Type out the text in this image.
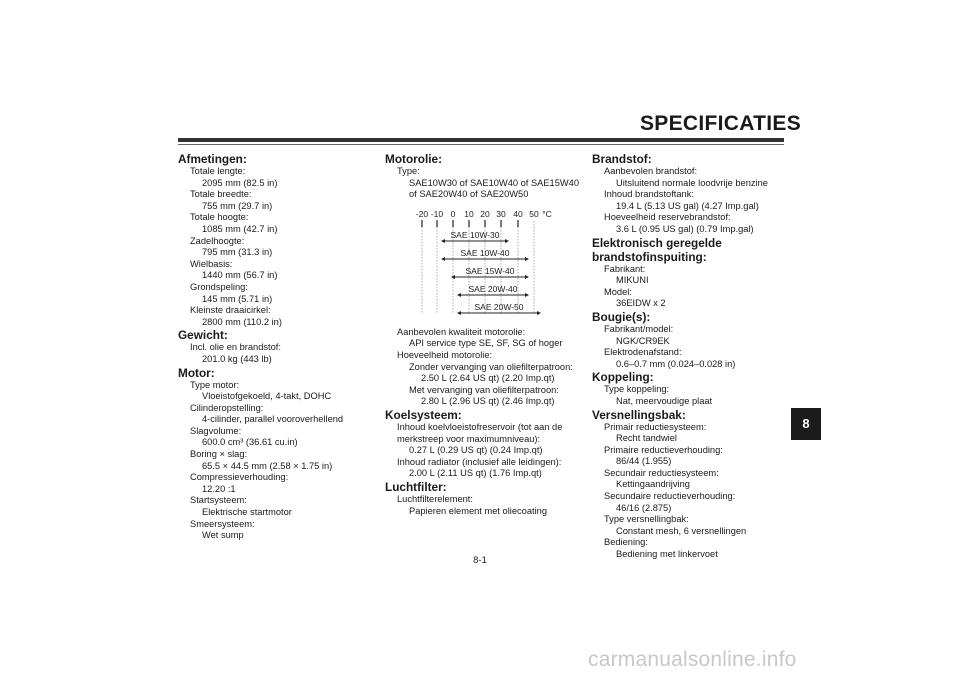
SPECIFICATIES
Afmetingen:
Totale lengte:
2095 mm (82.5 in)
Totale breedte:
755 mm (29.7 in)
Totale hoogte:
1085 mm (42.7 in)
Zadelhoogte:
795 mm (31.3 in)
Wielbasis:
1440 mm (56.7 in)
Grondspeling:
145 mm (5.71 in)
Kleinste draaicirkel:
2800 mm (110.2 in)
Gewicht:
Incl. olie en brandstof:
201.0 kg (443 lb)
Motor:
Type motor:
Vloeistofgekoeld, 4-takt, DOHC
Cilinderopstelling:
4-cilinder, parallel vooroverhellend
Slagvolume:
600.0 cm³ (36.61 cu.in)
Boring × slag:
65.5 × 44.5 mm (2.58 × 1.75 in)
Compressieverhouding:
12.20 :1
Startsysteem:
Elektrische startmotor
Smeersysteem:
Wet sump
Motorolie:
Type:
SAE10W30 of SAE10W40 of SAE15W40
of SAE20W40 of SAE20W50
-20 -10 0 10 20 30 40 50 °C
SAE 10W-30
SAE 10W-40
SAE 15W-40
SAE 20W-40
SAE 20W-50
Aanbevolen kwaliteit motorolie:
API service type SE, SF, SG of hoger
Hoeveelheid motorolie:
Zonder vervanging van oliefilterpatroon:
2.50 L (2.64 US qt) (2.20 Imp.qt)
Met vervanging van oliefilterpatroon:
2.80 L (2.96 US qt) (2.46 Imp.qt)
Koelsysteem:
Inhoud koelvloeistofreservoir (tot aan de
merkstreep voor maximumniveau):
0.27 L (0.29 US qt) (0.24 Imp.qt)
Inhoud radiator (inclusief alle leidingen):
2.00 L (2.11 US qt) (1.76 Imp.qt)
Luchtfilter:
Luchtfilterelement:
Papieren element met oliecoating
Brandstof:
Aanbevolen brandstof:
Uitsluitend normale loodvrije benzine
Inhoud brandstoftank:
19.4 L (5.13 US gal) (4.27 Imp.gal)
Hoeveelheid reservebrandstof:
3.6 L (0.95 US gal) (0.79 Imp.gal)
Elektronisch geregelde
brandstofinspuiting:
Fabrikant:
MIKUNI
Model:
36EIDW x 2
Bougie(s):
Fabrikant/model:
NGK/CR9EK
Elektrodenafstand:
0.6–0.7 mm (0.024–0.028 in)
Koppeling:
Type koppeling:
Nat, meervoudige plaat
Versnellingsbak:
Primair reductiesysteem:
Recht tandwiel
Primaire reductieverhouding:
86/44 (1.955)
Secundair reductiesysteem:
Kettingaandrijving
Secundaire reductieverhouding:
46/16 (2.875)
Type versnellingbak:
Constant mesh, 6 versnellingen
Bediening:
Bediening met linkervoet
8
8-1
carmanualsonline.info
